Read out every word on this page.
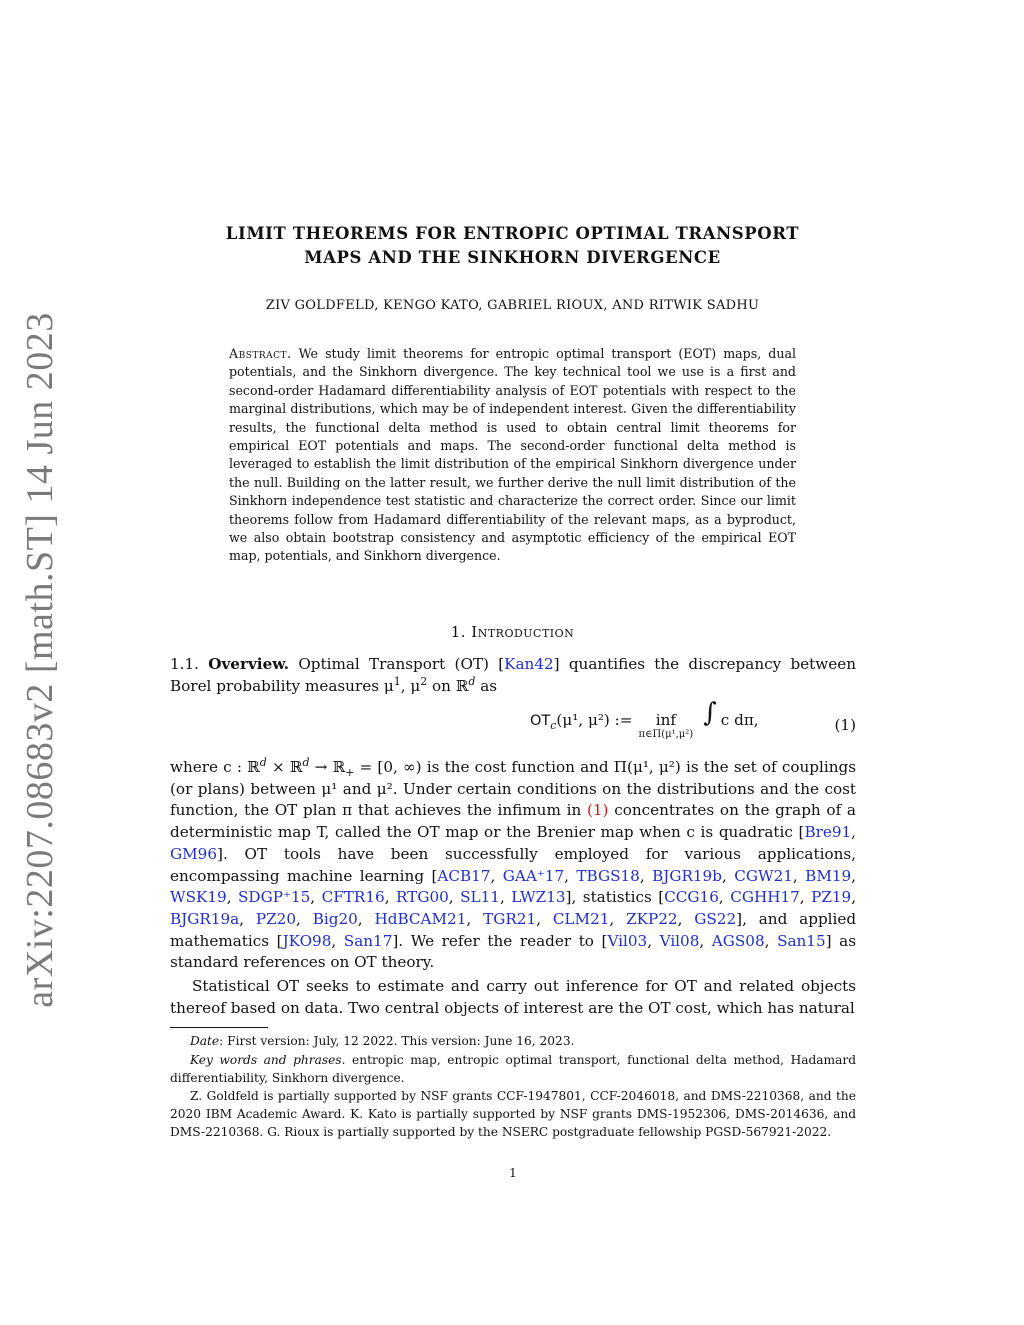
arXiv:2207.08683v2 [math.ST] 14 Jun 2023
LIMIT THEOREMS FOR ENTROPIC OPTIMAL TRANSPORT
MAPS AND THE SINKHORN DIVERGENCE
ZIV GOLDFELD, KENGO KATO, GABRIEL RIOUX, AND RITWIK SADHU
Abstract. We study limit theorems for entropic optimal transport (EOT) maps, dual potentials, and the Sinkhorn divergence. The key technical tool we use is a first and second-order Hadamard differentiability analysis of EOT potentials with respect to the marginal distributions, which may be of independent interest. Given the differentiability results, the functional delta method is used to obtain central limit theorems for empirical EOT potentials and maps. The second-order functional delta method is leveraged to establish the limit distribution of the empirical Sinkhorn divergence under the null. Building on the latter result, we further derive the null limit distribution of the Sinkhorn independence test statistic and characterize the correct order. Since our limit theorems follow from Hadamard differentiability of the relevant maps, as a byproduct, we also obtain bootstrap consistency and asymptotic efficiency of the empirical EOT map, potentials, and Sinkhorn divergence.
1. Introduction
1.1. Overview. Optimal Transport (OT) [Kan42] quantifies the discrepancy between Borel probability measures $\mu^1$, $\mu^2$ on ℝ$^d$ as
$OT_c(\mu^1$, μ²) := inf
π∈Π(μ¹,μ²)
∫ c dπ,	(1)
where c : ℝ$^d$ × ℝ$^d$ → ℝ$_+$ = [0, ∞) is the cost function and Π(μ¹, μ²) is the set of couplings (or plans) between μ¹ and μ². Under certain conditions on the distributions and the cost function, the OT plan π that achieves the infimum in (1) concentrates on the graph of a deterministic map T, called the OT map or the Brenier map when c is quadratic [Bre91, GM96]. OT tools have been successfully employed for various applications, encompassing machine learning [ACB17, GAA⁺17, TBGS18, BJGR19b, CGW21, BM19, WSK19, SDGP⁺15, CFTR16, RTG00, SL11, LWZ13], statistics [CCG16, CGHH17, PZ19, BJGR19a, PZ20, Big20, HdBCAM21, TGR21, CLM21, ZKP22, GS22], and applied mathematics [JKO98, San17]. We refer the reader to [Vil03, Vil08, AGS08, San15] as standard references on OT theory.
Statistical OT seeks to estimate and carry out inference for OT and related objects thereof based on data. Two central objects of interest are the OT cost, which has natural
Date: First version: July, 12 2022. This version: June 16, 2023.
Key words and phrases. entropic map, entropic optimal transport, functional delta method, Hadamard differentiability, Sinkhorn divergence.
Z. Goldfeld is partially supported by NSF grants CCF-1947801, CCF-2046018, and DMS-2210368, and the 2020 IBM Academic Award. K. Kato is partially supported by NSF grants DMS-1952306, DMS-2014636, and DMS-2210368. G. Rioux is partially supported by the NSERC postgraduate fellowship PGSD-567921-2022.
1
